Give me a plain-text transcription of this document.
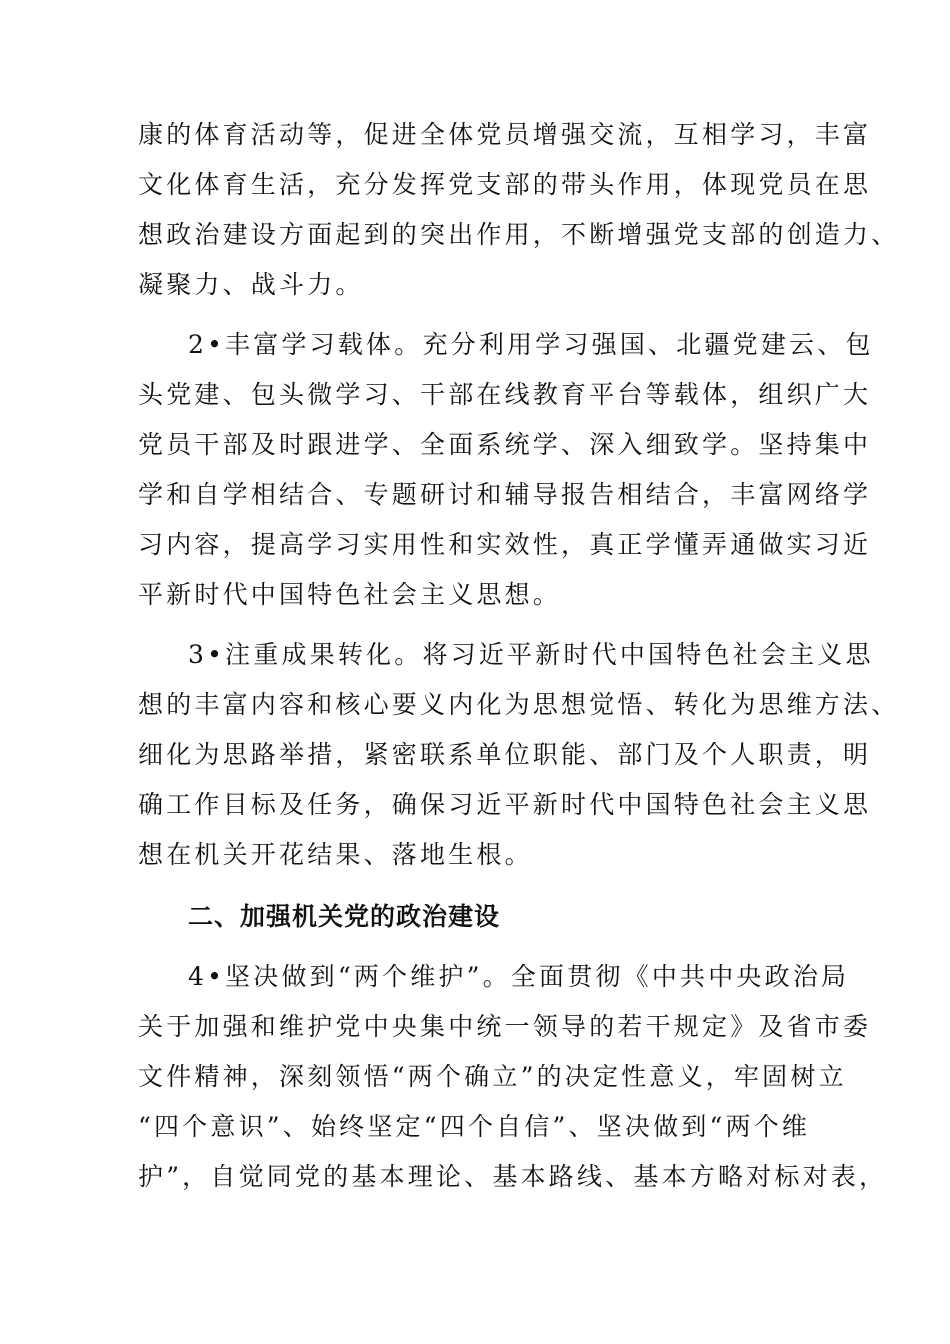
康的体育活动等，促进全体党员增强交流，互相学习，丰富
文化体育生活，充分发挥党支部的带头作用，体现党员在思
想政治建设方面起到的突出作用，不断增强党支部的创造力、
凝聚力、战斗力。
2•丰富学习载体。充分利用学习强国、北疆党建云、包
头党建、包头微学习、干部在线教育平台等载体，组织广大
党员干部及时跟进学、全面系统学、深入细致学。坚持集中
学和自学相结合、专题研讨和辅导报告相结合，丰富网络学
习内容，提高学习实用性和实效性，真正学懂弄通做实习近
平新时代中国特色社会主义思想。
3•注重成果转化。将习近平新时代中国特色社会主义思
想的丰富内容和核心要义内化为思想觉悟、转化为思维方法、
细化为思路举措，紧密联系单位职能、部门及个人职责，明
确工作目标及任务，确保习近平新时代中国特色社会主义思
想在机关开花结果、落地生根。
二、加强机关党的政治建设
4•坚决做到“两个维护”。全面贯彻《中共中央政治局
关于加强和维护党中央集中统一领导的若干规定》及省市委
文件精神，深刻领悟“两个确立”的决定性意义，牢固树立
“四个意识”、始终坚定“四个自信”、坚决做到“两个维
护”，自觉同党的基本理论、基本路线、基本方略对标对表，
